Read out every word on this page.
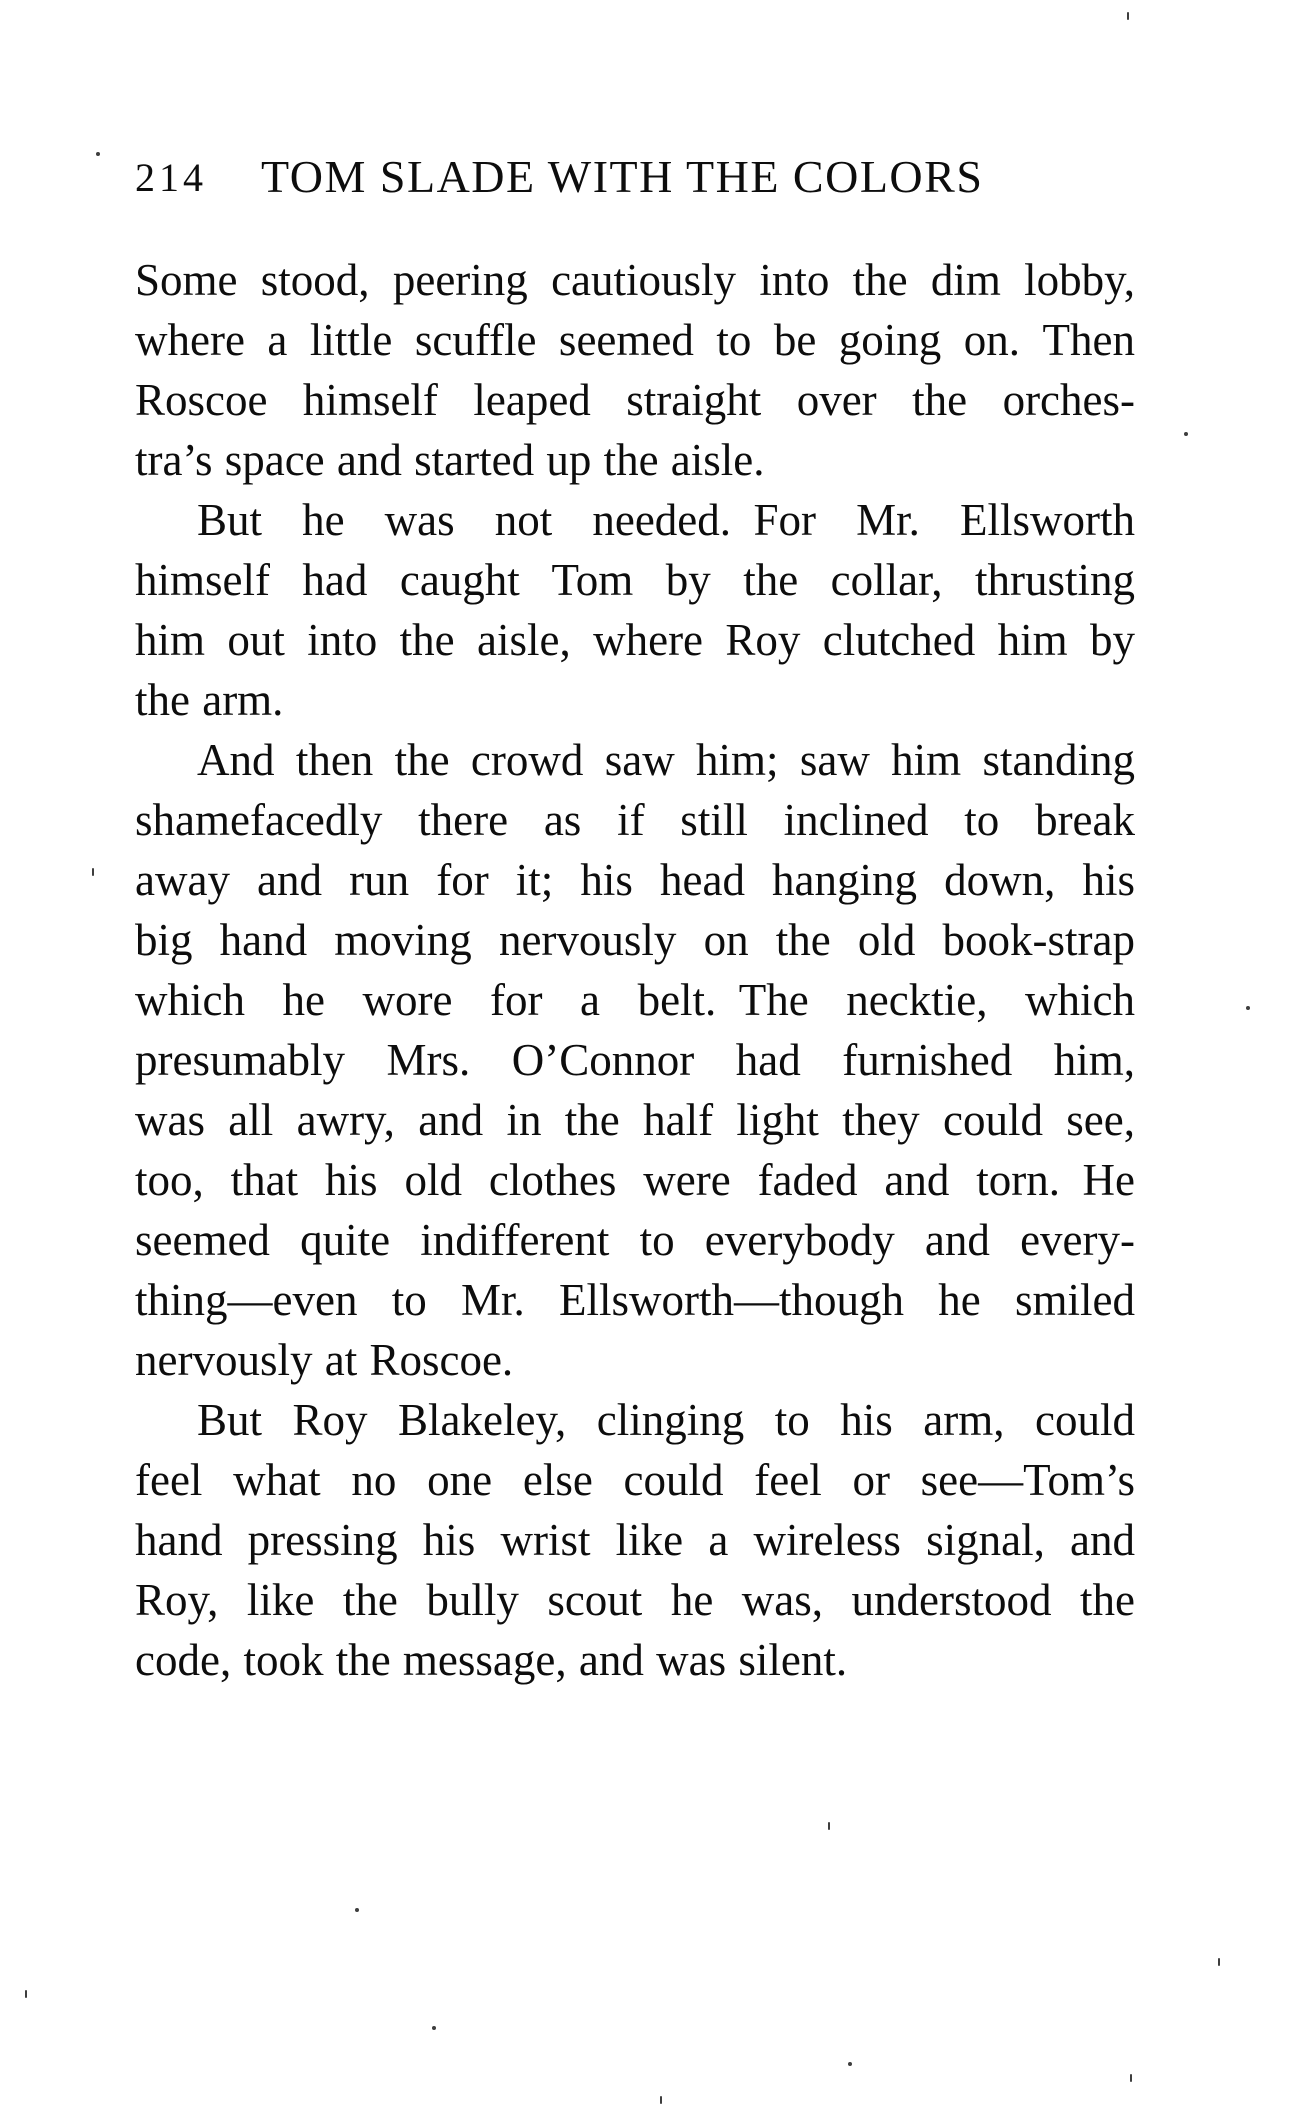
214 TOM SLADE WITH THE COLORS
Some stood, peering cautiously into the dim lobby,
where a little scuffle seemed to be going on. Then
Roscoe himself leaped straight over the orches-
tra’s space and started up the aisle.
But he was not needed. For Mr. Ellsworth
himself had caught Tom by the collar, thrusting
him out into the aisle, where Roy clutched him by
the arm.
And then the crowd saw him; saw him standing
shamefacedly there as if still inclined to break
away and run for it; his head hanging down, his
big hand moving nervously on the old book-strap
which he wore for a belt. The necktie, which
presumably Mrs. O’Connor had furnished him,
was all awry, and in the half light they could see,
too, that his old clothes were faded and torn. He
seemed quite indifferent to everybody and every-
thing—even to Mr. Ellsworth—though he smiled
nervously at Roscoe.
But Roy Blakeley, clinging to his arm, could
feel what no one else could feel or see—Tom’s
hand pressing his wrist like a wireless signal, and
Roy, like the bully scout he was, understood the
code, took the message, and was silent.
